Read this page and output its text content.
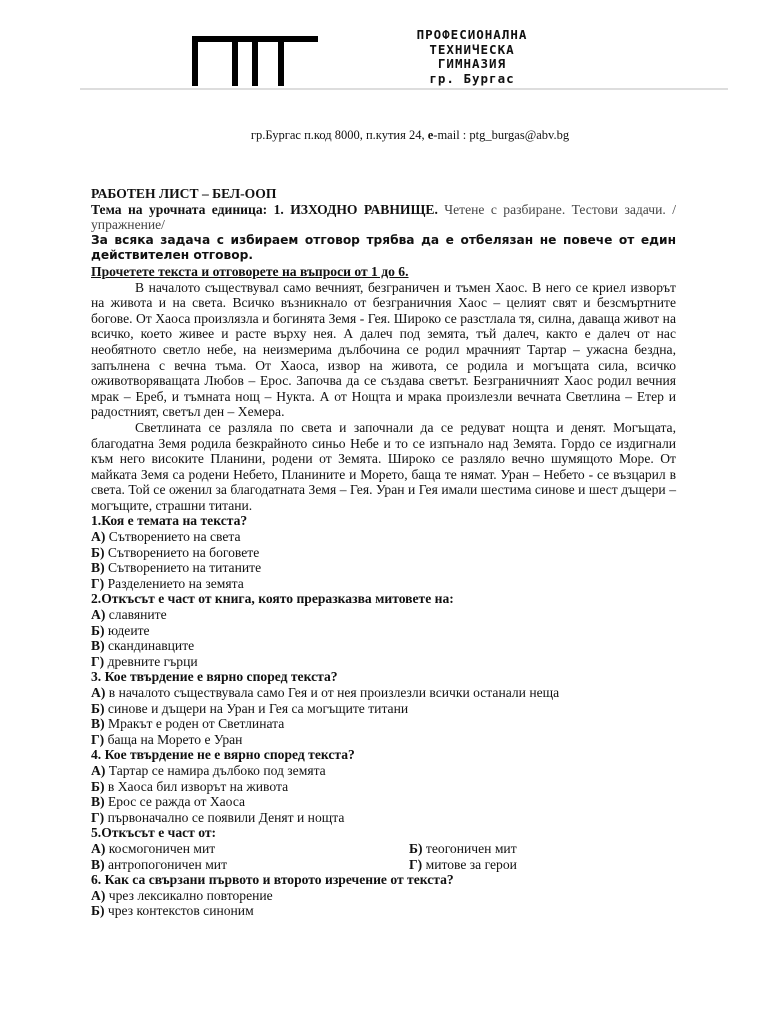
ПРОФЕСИОНАЛНА
ТЕХНИЧЕСКА
ГИМНАЗИЯ
гр. Бургас
гр.Бургас п.код 8000, п.кутия 24, e-mail : ptg_burgas@abv.bg
РАБОТЕН ЛИСТ – БЕЛ-ООП
Тема на урочната единица: 1. ИЗХОДНО РАВНИЩЕ. Четене с разбиране. Тестови задачи. /упражнение/
За всяка задача с избираем отговор трябва да е отбелязан не повече от един действителен отговор.
Прочетете текста и отговорете на въпроси от 1 до 6.

В началото съществувал само вечният, безграничен и тъмен Хаос. В него се криел изворът на живота и на света. Всичко възникнало от безграничния Хаос – целият свят и безсмъртните богове. От Хаоса произлязла и богинята Земя - Гея. Широко се разстлала тя, силна, даваща живот на всичко, което живее и расте върху нея. А далеч под земята, тъй далеч, както е далеч от нас необятното светло небе, на неизмерима дълбочина се родил мрачният Тартар – ужасна бездна, запълнена с вечна тъма. От Хаоса, извор на живота, се родила и могъщата сила, всичко оживотворяващата Любов – Ерос. Започва да се създава светът. Безграничният Хаос родил вечния мрак – Ереб, и тъмната нощ – Нукта. А от Нощта и мрака произлезли вечната Светлина – Етер и радостният, светъл ден – Хемера.

Светлината се разляла по света и започнали да се редуват нощта и денят. Могъщата, благодатна Земя родила безкрайното синьо Небе и то се изпънало над Земята. Гордо се издигнали към него високите Планини, родени от Земята. Широко се разляло вечно шумящото Море. От майката Земя са родени Небето, Планините и Морето, баща те нямат. Уран – Небето - се възцарил в света. Той се оженил за благодатната Земя – Гея. Уран и Гея имали шестима синове и шест дъщери – могъщите, страшни титани.

1.Коя е темата на текста?
А) Сътворението на света
Б) Сътворението на боговете
В) Сътворението на титаните
Г) Разделението на земята
2.Откъсът е част от книга, която преразказва митовете на:
А) славяните
Б) юдеите
В) скандинавците
Г) древните гърци
3. Кое твърдение е вярно според текста?
А) в началото съществувала само Гея и от нея произлезли всички останали неща
Б) синове и дъщери на Уран и Гея са могъщите титани
В) Мракът е роден от Светлината
Г) баща на Морето е Уран
4. Кое твърдение не е вярно според текста?
А) Тартар се намира дълбоко под земята
Б) в Хаоса бил изворът на живота
В) Ерос се ражда от Хаоса
Г) първоначално се появили Денят и нощта
5.Откъсът е част от:
А) космогоничен мит	Б) теогоничен мит
В) антропогоничен мит	Г) митове за герои
6. Как са свързани първото и второто изречение от текста?
А) чрез лексикално повторение
Б) чрез контекстов синоним
